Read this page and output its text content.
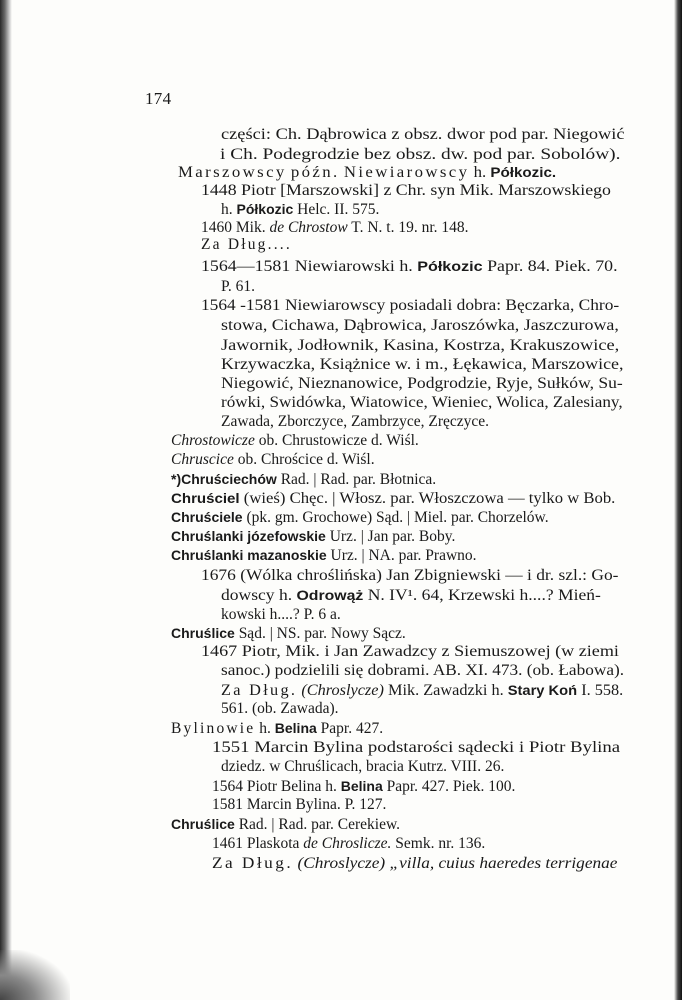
174
części: Ch. Dąbrowica z obsz. dwor pod par. Niegowić
i Ch. Podegrodzie bez obsz. dw. pod par. Sobolów).
Marszowscy późn. Niewiarowscy h. Półkozic.
1448 Piotr [Marszowski] z Chr. syn Mik. Marszowskiego
h. Półkozic Helc. II. 575.
1460 Mik. de Chrostow T. N. t. 19. nr. 148.
Za Dług....
1564—1581 Niewiarowski h. Półkozic Papr. 84. Piek. 70.
P. 61.
1564 -1581 Niewiarowscy posiadali dobra: Bęczarka, Chro-
stowa, Cichawa, Dąbrowica, Jaroszówka, Jaszczurowa,
Jawornik, Jodłownik, Kasina, Kostrza, Krakuszowice,
Krzywaczka, Książnice w. i m., Łękawica, Marszowice,
Niegowić, Nieznanowice, Podgrodzie, Ryje, Sułków, Su-
rówki, Swidówka, Wiatowice, Wieniec, Wolica, Zalesiany,
Zawada, Zborczyce, Zambrzyce, Zręczyce.
Chrostowicze ob. Chrustowicze d. Wiśl.
Chruscice ob. Chrościce d. Wiśl.
*)Chruściechów Rad. | Rad. par. Błotnica.
Chruściel (wieś) Chęc. | Włosz. par. Włoszczowa — tylko w Bob.
Chruściele (pk. gm. Grochowe) Sąd. | Miel. par. Chorzelów.
Chruślanki józefowskie Urz. | Jan par. Boby.
Chruślanki mazanoskie Urz. | NA. par. Prawno.
1676 (Wólka chroślińska) Jan Zbigniewski — i dr. szl.: Go-
dowscy h. Odrowąż N. IV¹. 64, Krzewski h....? Mień-
kowski h....? P. 6 a.
Chruślice Sąd. | NS. par. Nowy Sącz.
1467 Piotr, Mik. i Jan Zawadzcy z Siemuszowej (w ziemi
sanoc.) podzielili się dobrami. AB. XI. 473. (ob. Łabowa).
Za Dług. (Chroslycze) Mik. Zawadzki h. Stary Koń I. 558.
561. (ob. Zawada).
Bylinowie h. Belina Papr. 427.
1551 Marcin Bylina podstarości sądecki i Piotr Bylina
dziedz. w Chruślicach, bracia Kutrz. VIII. 26.
1564 Piotr Belina h. Belina Papr. 427. Piek. 100.
1581 Marcin Bylina. P. 127.
Chruślice Rad. | Rad. par. Cerekiew.
1461 Plaskota de Chroslicze. Semk. nr. 136.
Za Dług. (Chroslycze) „villa, cuius haeredes terrigenae
